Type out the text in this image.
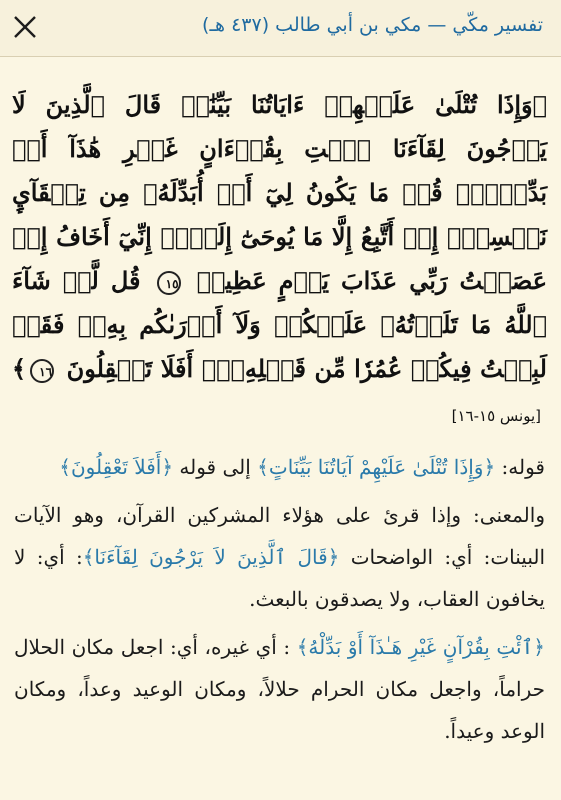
تفسير مكّي — مكي بن أبي طالب (٤٣٧ هـ)
﴿وَإِذَا تُتْلَىٰ عَلَيۡهِمۡ ءَايَاتُنَا بَيِّنَٰتٖ قَالَ ٱلَّذِينَ لَا يَرۡجُونَ لِقَآءَنَا ٱئۡتِ بِقُرۡءَانٍ غَيۡرِ هَٰذَآ أَوۡ بَدِّلۡهُۚ قُلۡ مَا يَكُونُ لِيٓ أَنۡ أُبَدِّلَهُۥ مِن تِلۡقَآيِٕ نَفۡسِيٓۖ إِنۡ أَتَّبِعُ إِلَّا مَا يُوحَىٰٓ إِلَيَّۖ إِنِّيٓ أَخَافُ إِنۡ عَصَيۡتُ رَبِّي عَذَابَ يَوۡمٍ عَظِيمٖ ١٥ قُل لَّوۡ شَآءَ ٱللَّهُ مَا تَلَوۡتُهُۥ عَلَيۡكُمۡ وَلَآ أَدۡرَىٰكُم بِهِۦۖ فَقَدۡ لَبِثۡتُ فِيكُمۡ عُمُرٗا مِّن قَبۡلِهِۦٓۚ أَفَلَا تَعۡقِلُونَ ١٦﴾ [يونس ١٥-١٦]

قوله: ﴿وَإِذَا تُتْلَىٰ عَلَيْهِمْ آيَاتُنَا بَيِّنَاتٍ﴾ إلى قوله ﴿أَفَلاَ تَعْقِلُونَ﴾

والمعنى: وإذا قرئ على هؤلاء المشركين القرآن، وهو الآيات البينات: أي: الواضحات ﴿قَالَ ٱلَّذِينَ لاَ يَرْجُونَ لِقَآءَنَا﴾: أي: لا يخافون العقاب، ولا يصدقون بالبعث.

﴿ٱئْتِ بِقُرْآنٍ غَيْرِ هَـٰذَآ أَوْ بَدِّلْهُ﴾ : أي غيره، أي: اجعل مكان الحلال حراماً، واجعل مكان الحرام حلالاً، ومكان الوعيد وعداً، ومكان الوعد وعيداً.
